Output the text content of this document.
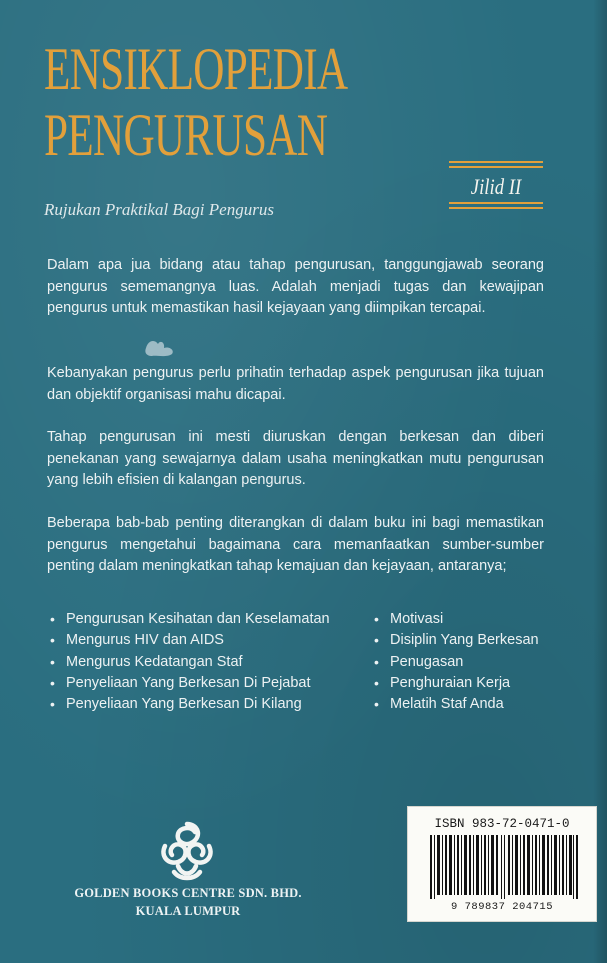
ENSIKLOPEDIA
PENGURUSAN

Rujukan Praktikal Bagi Pengurus

Jilid II

Dalam apa jua bidang atau tahap pengurusan, tanggungjawab seorang pengurus sememangnya luas. Adalah menjadi tugas dan kewajipan pengurus untuk memastikan hasil kejayaan yang diimpikan tercapai.

Kebanyakan pengurus perlu prihatin terhadap aspek pengurusan jika tujuan dan objektif organisasi mahu dicapai.

Tahap pengurusan ini mesti diuruskan dengan berkesan dan diberi penekanan yang sewajarnya dalam usaha meningkatkan mutu pengurusan yang lebih efisien di kalangan pengurus.

Beberapa bab-bab penting diterangkan di dalam buku ini bagi memastikan pengurus mengetahui bagaimana cara memanfaatkan sumber-sumber penting dalam meningkatkan tahap kemajuan dan kejayaan, antaranya;

• Pengurusan Kesihatan dan Keselamatan
• Mengurus HIV dan AIDS
• Mengurus Kedatangan Staf
• Penyeliaan Yang Berkesan Di Pejabat
• Penyeliaan Yang Berkesan Di Kilang
• Motivasi
• Disiplin Yang Berkesan
• Penugasan
• Penghuraian Kerja
• Melatih Staf Anda

GOLDEN BOOKS CENTRE SDN. BHD.

KUALA LUMPUR

ISBN 983-72-0471-0
9 789837 204715
